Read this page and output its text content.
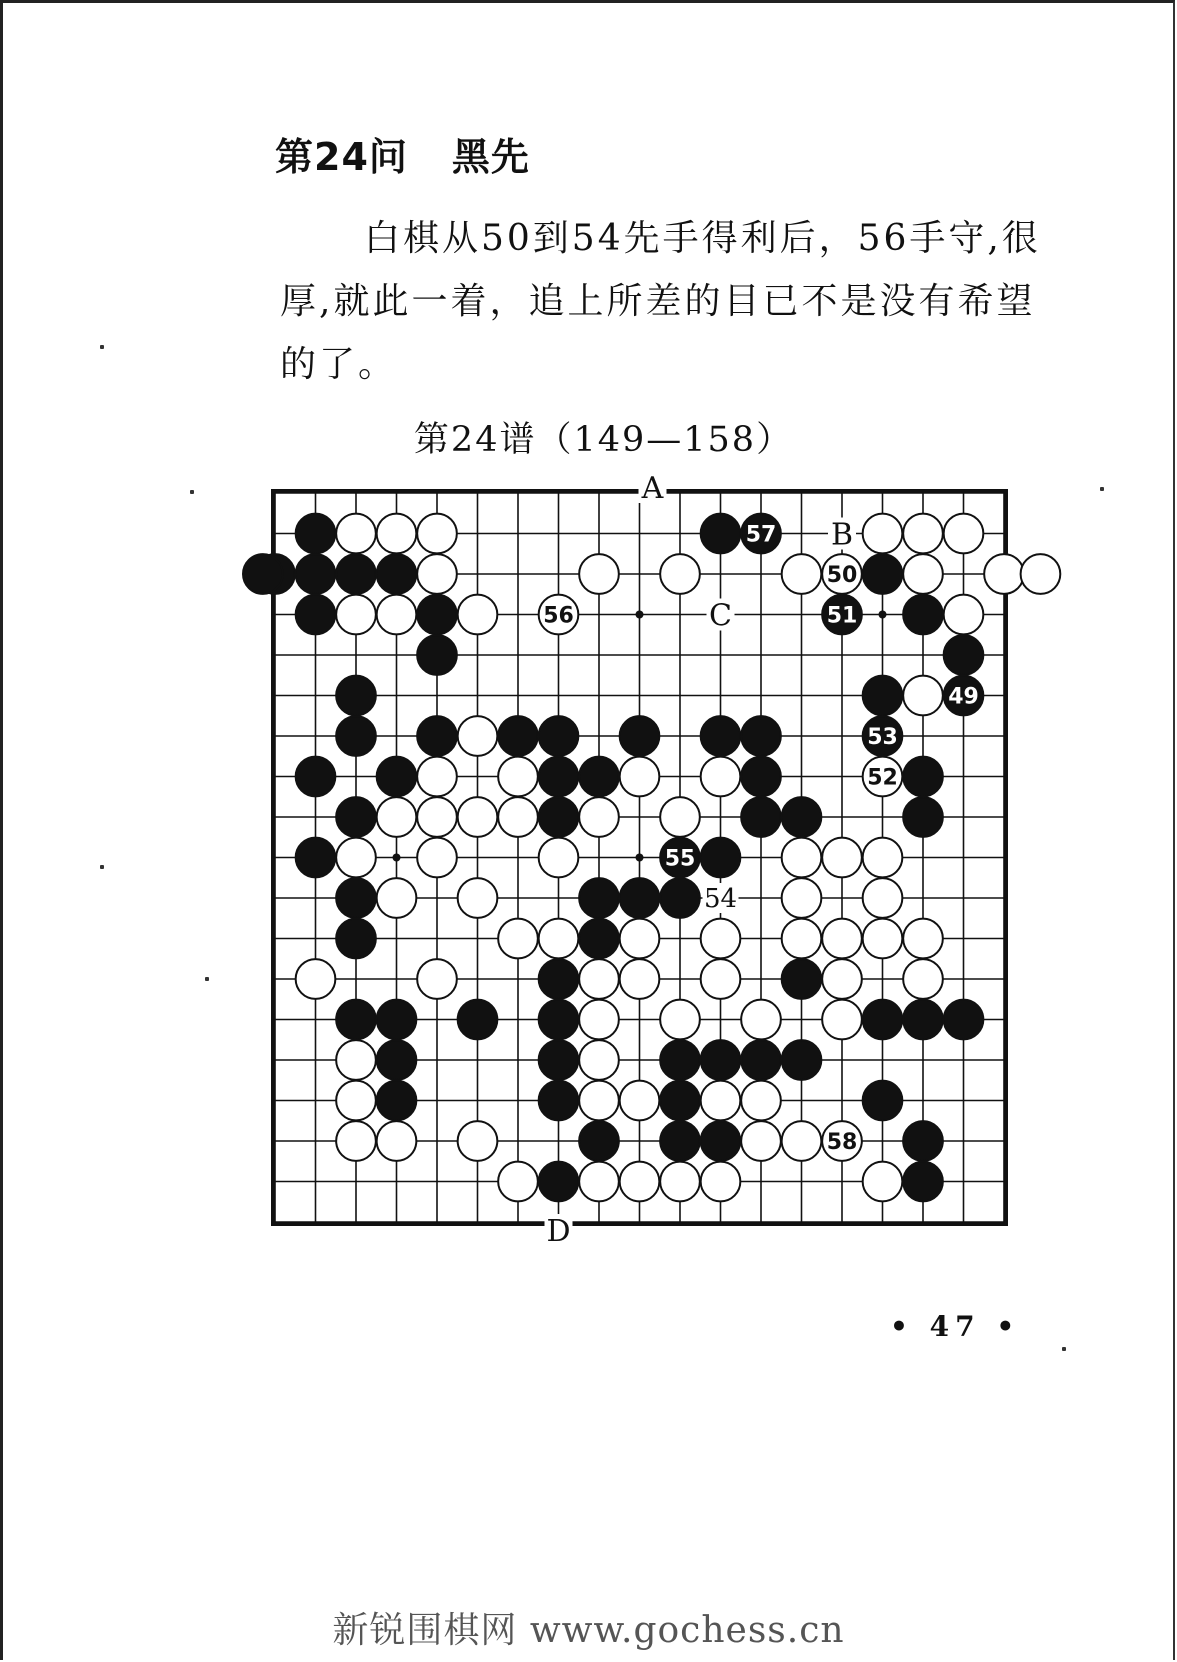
第24问 黑先
白棋从50到54先手得利后，56手守,很厚,就此一着，追上所差的目已不是没有希望的了。
第24谱（149—158）
49
50
51
52
53
54
55
56
57
58
A
B
C
D
• 47 •
新锐围棋网 www.gochess.cn
